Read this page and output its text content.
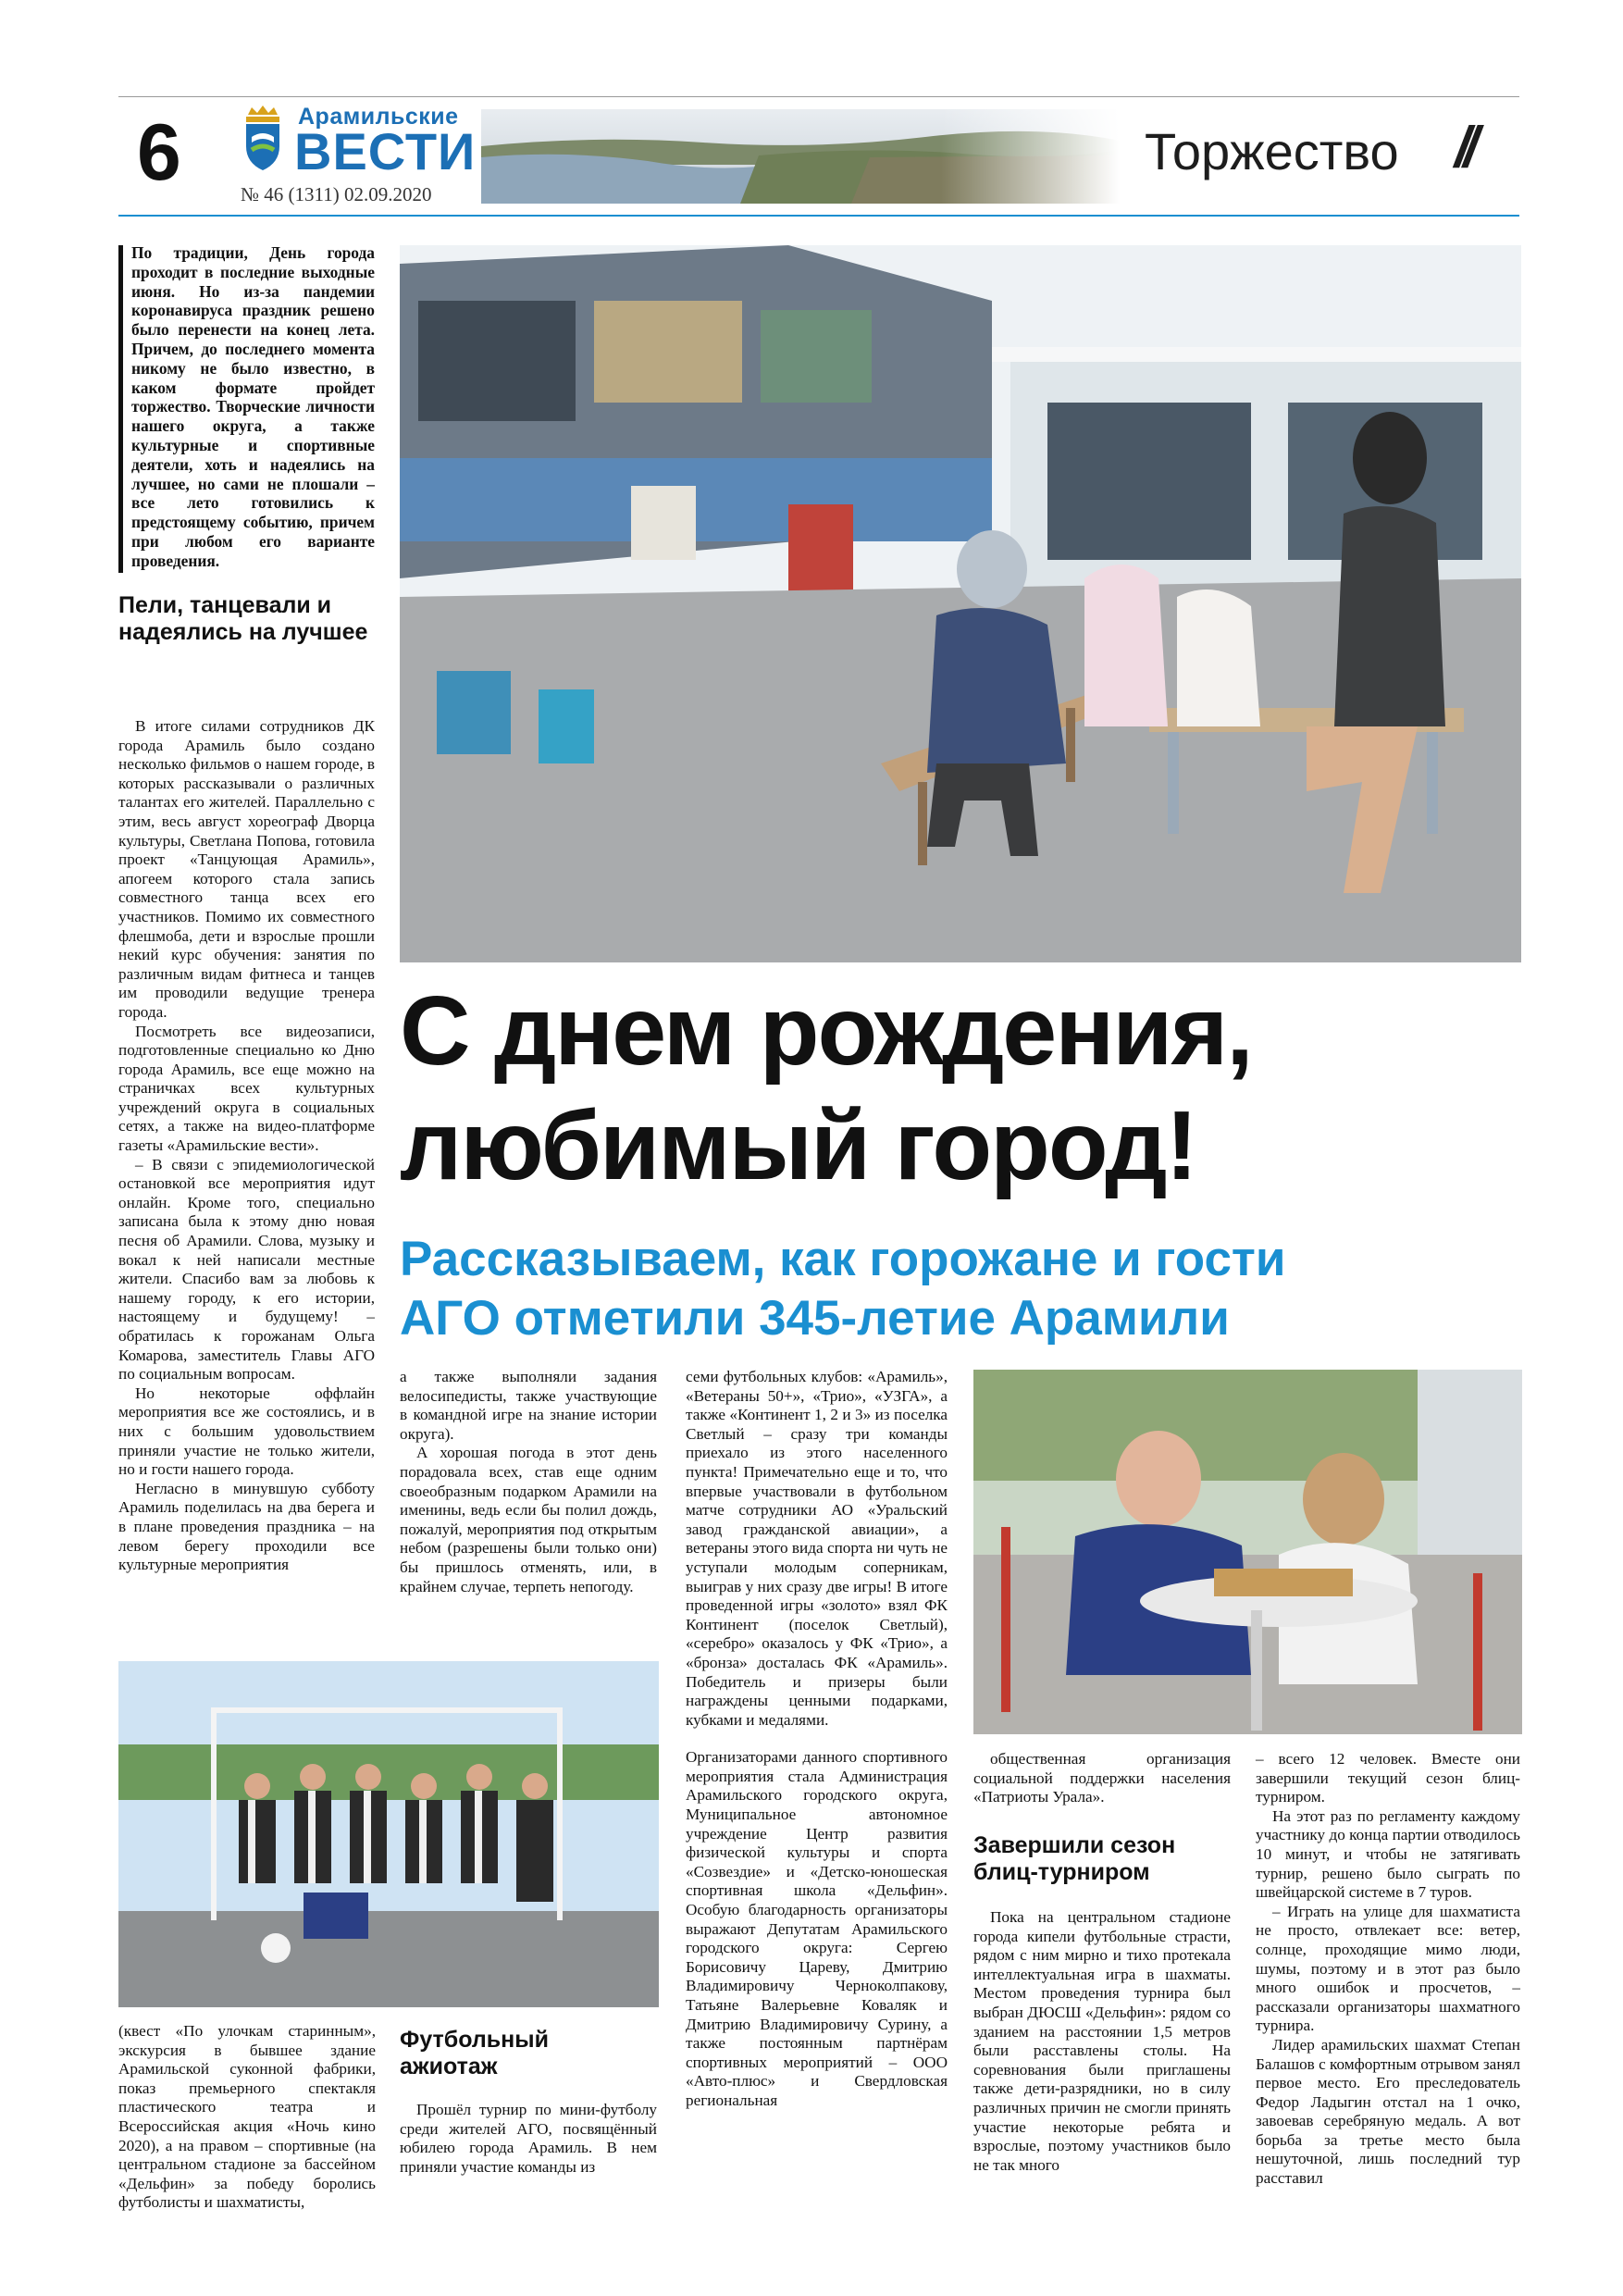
6	Арамильские
ВЕСТИ
№ 46 (1311) 02.09.2020
Торжество //
По традиции, День города проходит в последние выходные июня. Но из-за пандемии коронавируса праздник решено было перенести на конец лета. Причем, до последнего момента никому не было известно, в каком формате пройдет торжество. Творческие личности нашего округа, а также культурные и спортивные деятели, хоть и надеялись на лучшее, но сами не плошали – все лето готовились к предстоящему событию, причем при любом его варианте проведения.
Пели, танцевали и надеялись на лучшее

В итоге силами сотрудников ДК города Арамиль было создано несколько фильмов о нашем городе, в которых рассказывали о различных талантах его жителей. Параллельно с этим, весь август хореограф Дворца культуры, Светлана Попова, готовила проект «Танцующая Арамиль», апогеем которого стала запись совместного танца всех его участников. Помимо их совместного флешмоба, дети и взрослые прошли некий курс обучения: занятия по различным видам фитнеса и танцев им проводили ведущие тренера города.

Посмотреть все видеозаписи, подготовленные специально ко Дню города Арамиль, все еще можно на страничках всех культурных учреждений округа в социальных сетях, а также на видео-платформе газеты «Арамильские вести».

– В связи с эпидемиологической остановкой все мероприятия идут онлайн. Кроме того, специально записана была к этому дню новая песня об Арамили. Слова, музыку и вокал к ней написали местные жители. Спасибо вам за любовь к нашему городу, к его истории, настоящему и будущему! – обратилась к горожанам Ольга Комарова, заместитель Главы АГО по социальным вопросам.

Но некоторые оффлайн мероприятия все же состоялись, и в них с большим удовольствием приняли участие не только жители, но и гости нашего города.

Негласно в минувшую субботу Арамиль поделилась на два берега и в плане проведения праздника – на левом берегу проходили все культурные мероприятия

С днем рождения,
любимый город!
Рассказываем, как горожане и гости
АГО отметили 345-летие Арамили

а также выполняли задания велосипедисты, также участвующие в командной игре на знание истории округа).

А хорошая погода в этот день порадовала всех, став еще одним своеобразным подарком Арамили на именины, ведь если бы полил дождь, пожалуй, мероприятия под открытым небом (разрешены были только они) бы пришлось отменять, или, в крайнем случае, терпеть непогоду.

семи футбольных клубов: «Арамиль», «Ветераны 50+», «Трио», «УЗГА», а также «Континент 1, 2 и 3» из поселка Светлый – сразу три команды приехало из этого населенного пункта! Примечательно еще и то, что впервые участвовали в футбольном матче сотрудники АО «Уральский завод гражданской авиации», а ветераны этого вида спорта ни чуть не уступали молодым соперникам, выиграв у них сразу две игры! В итоге проведенной игры «золото» взял ФК Континент (поселок Светлый), «серебро» оказалось у ФК «Трио», а «бронза» досталась ФК «Арамиль». Победитель и призеры были награждены ценными подарками, кубками и медалями.

Организаторами данного спортивного мероприятия стала Администрация Арамильского городского округа, Муниципальное автономное учреждение Центр развития физической культуры и спорта «Созвездие» и «Детско-юношеская спортивная школа «Дельфин». Особую благодарность организаторы выражают Депутатам Арамильского городского округа: Сергею Борисовичу Цареву, Дмитрию Владимировичу Черноколпакову, Татьяне Валерьевне Коваляк и Дмитрию Владимировичу Сурину, а также постоянным партнёрам спортивных мероприятий – ООО «Авто-плюс» и Свердловская региональная

общественная организация социальной поддержки населения «Патриоты Урала».

Завершили сезон блиц-турниром

Пока на центральном стадионе города кипели футбольные страсти, рядом с ним мирно и тихо протекала интеллектуальная игра в шахматы. Местом проведения турнира был выбран ДЮСШ «Дельфин»: рядом со зданием на расстоянии 1,5 метров были расставлены столы. На соревнования были приглашены также дети-разрядники, но в силу различных причин не смогли принять участие некоторые ребята и взрослые, поэтому участников было не так много

– всего 12 человек. Вместе они завершили текущий сезон блиц-турниром.

На этот раз по регламенту каждому участнику до конца партии отводилось 10 минут, и чтобы не затягивать турнир, решено было сыграть по швейцарской системе в 7 туров.

– Играть на улице для шахматиста не просто, отвлекает все: ветер, солнце, проходящие мимо люди, шумы, поэтому и в этот раз было много ошибок и просчетов, – рассказали организаторы шахматного турнира.

Лидер арамильских шахмат Степан Балашов с комфортным отрывом занял первое место. Его преследователь Федор Ладыгин отстал на 1 очко, завоевав серебряную медаль. А вот борьба за третье место была нешуточной, лишь последний тур расставил

(квест «По улочкам старинным», экскурсия в бывшее здание Арамильской суконной фабрики, показ премьерного спектакля пластического театра и Всероссийская акция «Ночь кино 2020), а на правом – спортивные (на центральном стадионе за бассейном «Дельфин» за победу боролись футболисты и шахматисты,

Футбольный ажиотаж

Прошёл турнир по мини-футболу среди жителей АГО, посвящённый юбилею города Арамиль. В нем приняли участие команды из
